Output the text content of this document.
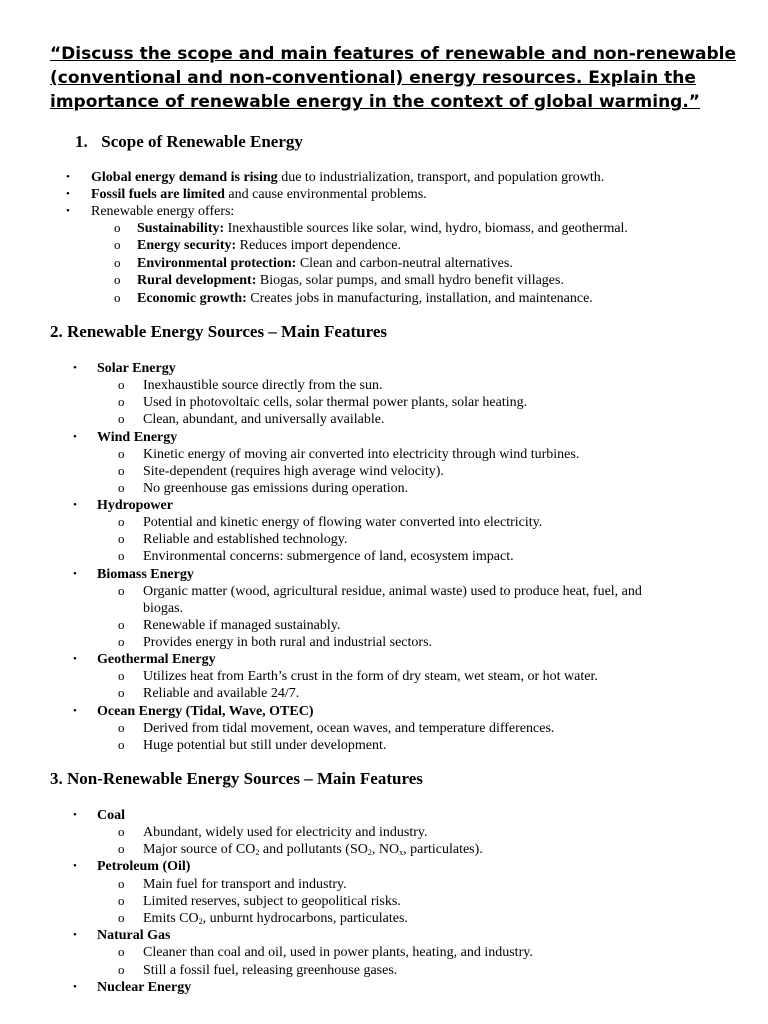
“Discuss the scope and main features of renewable and non-renewable
(conventional and non-conventional) energy resources. Explain the
importance of renewable energy in the context of global warming.”
1. Scope of Renewable Energy
• Global energy demand is rising due to industrialization, transport, and population growth.
• Fossil fuels are limited and cause environmental problems.
• Renewable energy offers:
o Sustainability: Inexhaustible sources like solar, wind, hydro, biomass, and geothermal.
o Energy security: Reduces import dependence.
o Environmental protection: Clean and carbon-neutral alternatives.
o Rural development: Biogas, solar pumps, and small hydro benefit villages.
o Economic growth: Creates jobs in manufacturing, installation, and maintenance.
2. Renewable Energy Sources – Main Features
• Solar Energy
o Inexhaustible source directly from the sun.
o Used in photovoltaic cells, solar thermal power plants, solar heating.
o Clean, abundant, and universally available.
• Wind Energy
o Kinetic energy of moving air converted into electricity through wind turbines.
o Site-dependent (requires high average wind velocity).
o No greenhouse gas emissions during operation.
• Hydropower
o Potential and kinetic energy of flowing water converted into electricity.
o Reliable and established technology.
o Environmental concerns: submergence of land, ecosystem impact.
• Biomass Energy
o Organic matter (wood, agricultural residue, animal waste) used to produce heat, fuel, and
biogas.
o Renewable if managed sustainably.
o Provides energy in both rural and industrial sectors.
• Geothermal Energy
o Utilizes heat from Earth’s crust in the form of dry steam, wet steam, or hot water.
o Reliable and available 24/7.
• Ocean Energy (Tidal, Wave, OTEC)
o Derived from tidal movement, ocean waves, and temperature differences.
o Huge potential but still under development.
3. Non-Renewable Energy Sources – Main Features
• Coal
o Abundant, widely used for electricity and industry.
o Major source of $CO_2$ and pollutants ($SO_2$, $NO_x$, particulates).
• Petroleum (Oil)
o Main fuel for transport and industry.
o Limited reserves, subject to geopolitical risks.
o Emits $CO_2$, unburnt hydrocarbons, particulates.
• Natural Gas
o Cleaner than coal and oil, used in power plants, heating, and industry.
o Still a fossil fuel, releasing greenhouse gases.
• Nuclear Energy
